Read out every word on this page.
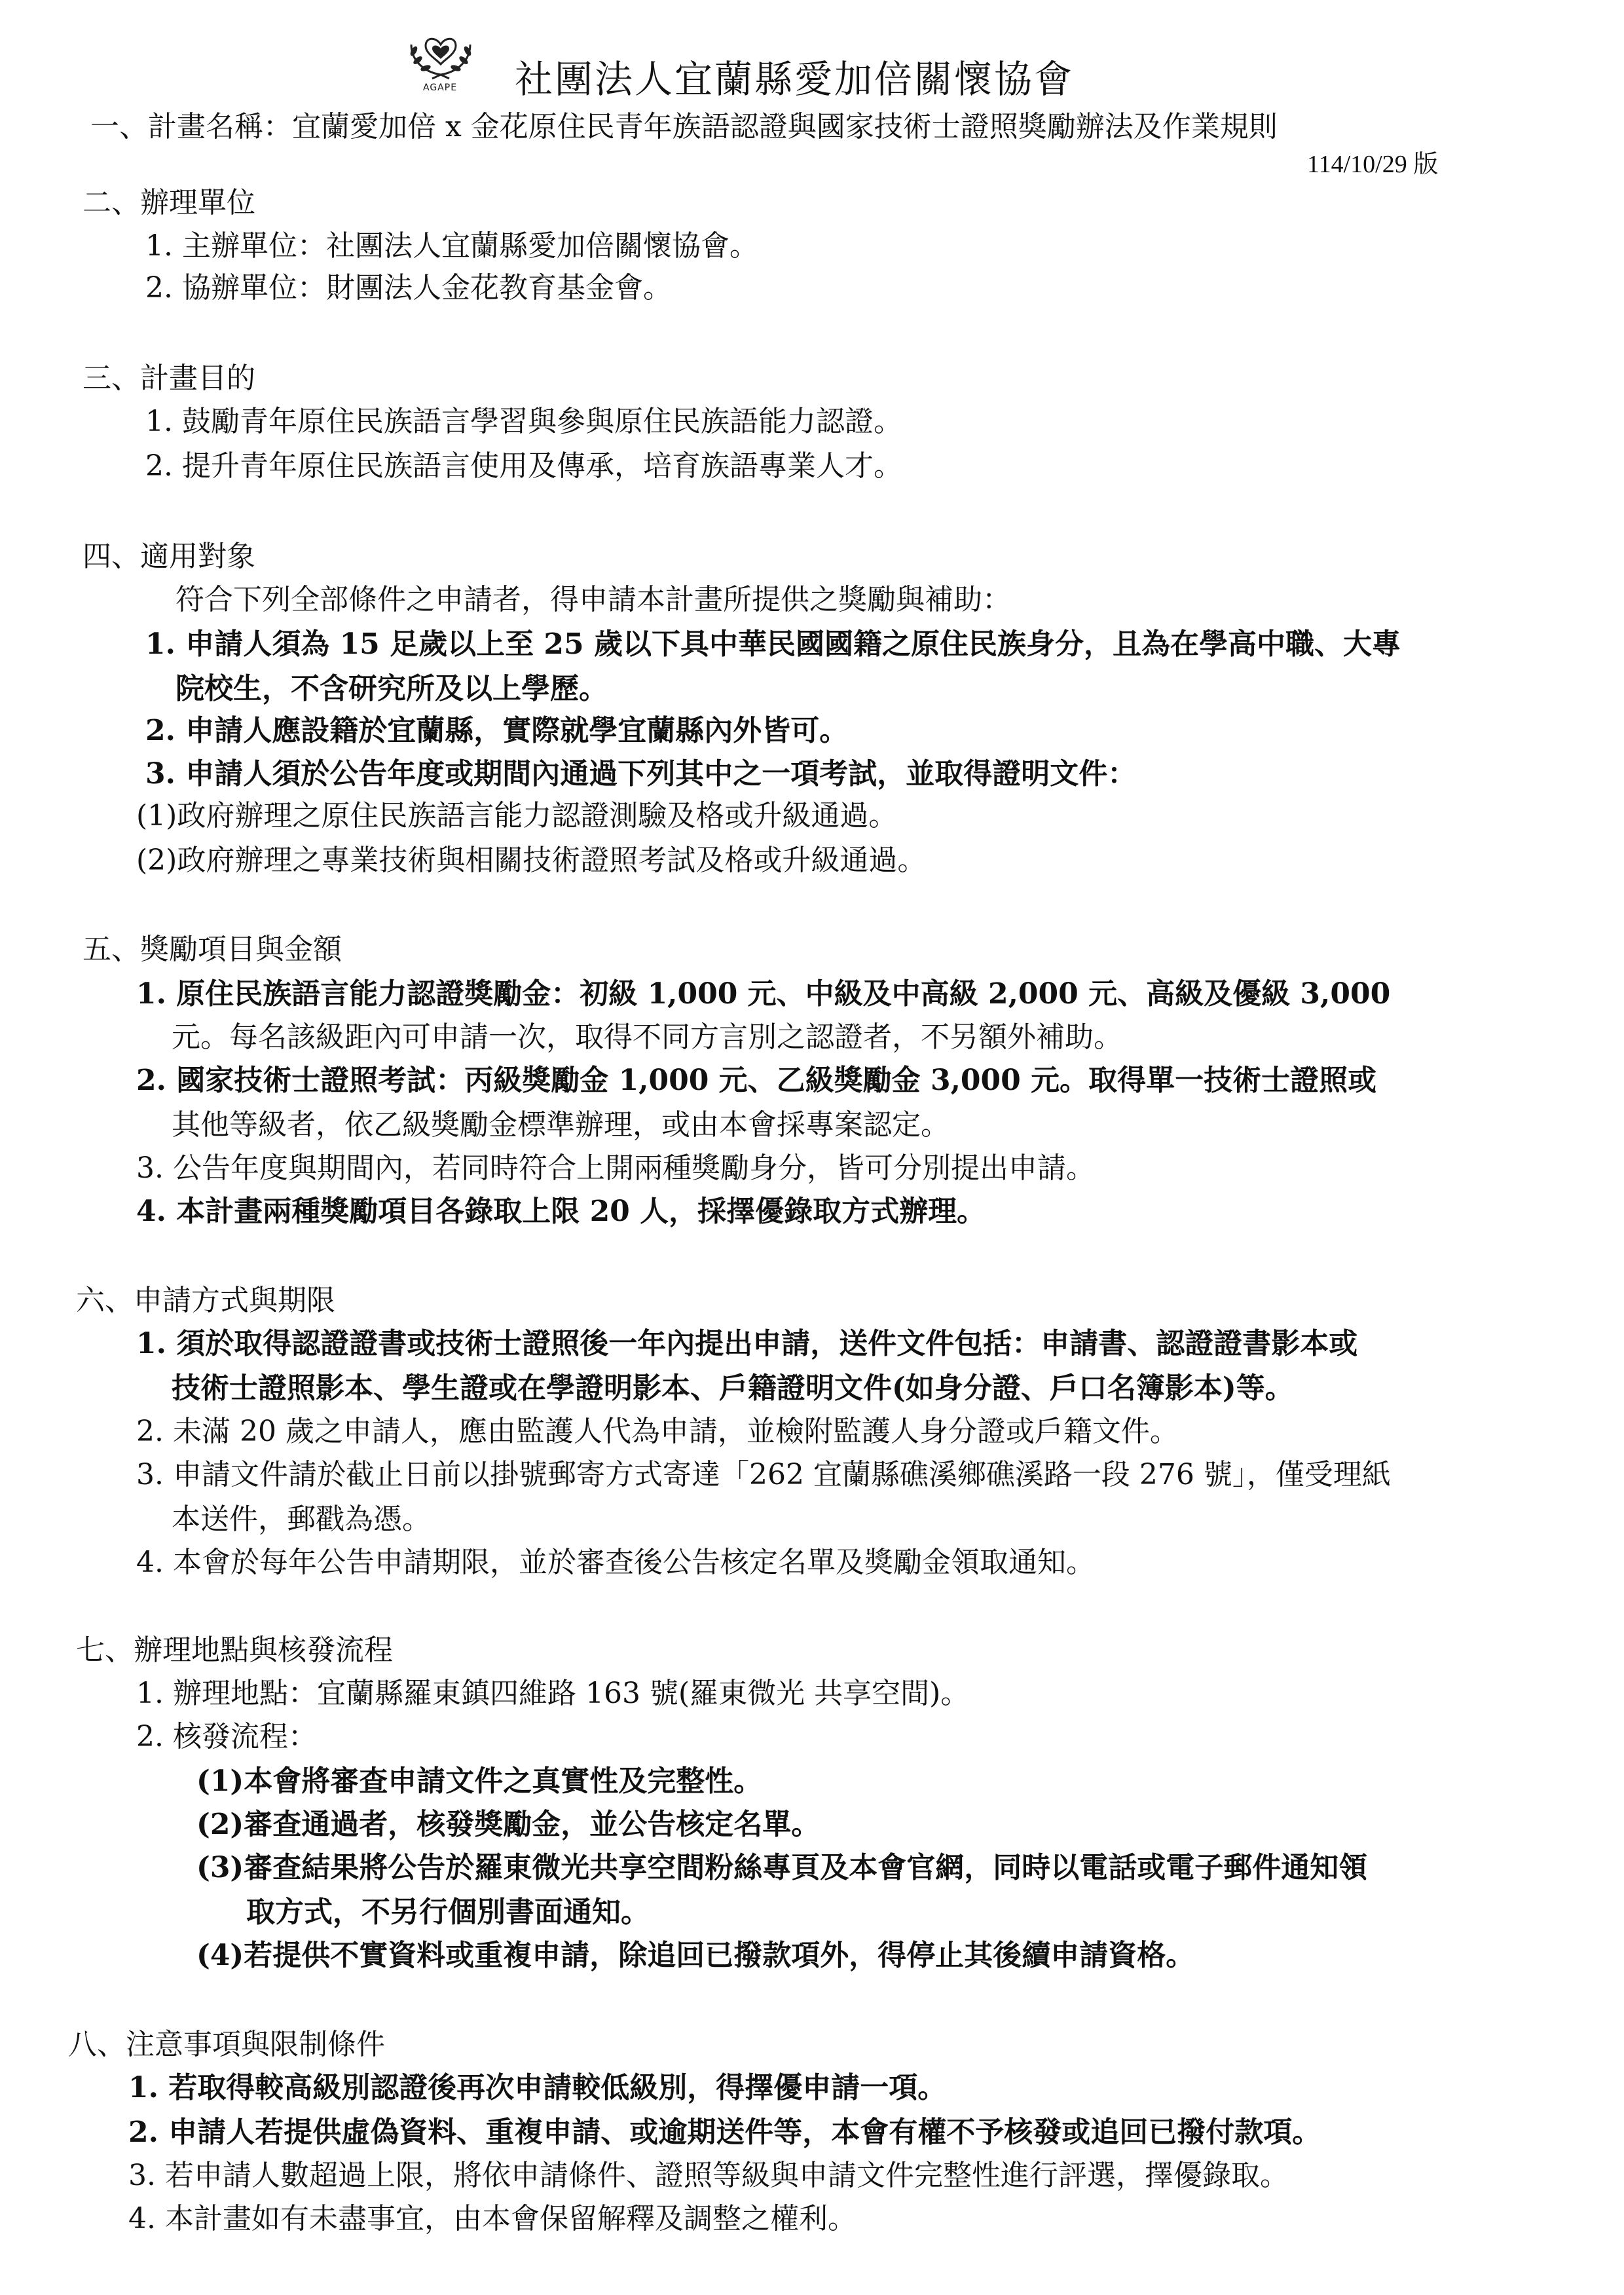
AGAPE 社團法人宜蘭縣愛加倍關懷協會
一、計畫名稱：宜蘭愛加倍 x 金花原住民青年族語認證與國家技術士證照獎勵辦法及作業規則
114/10/29 版
二、辦理單位
1. 主辦單位：社團法人宜蘭縣愛加倍關懷協會。
2. 協辦單位：財團法人金花教育基金會。
三、計畫目的
1. 鼓勵青年原住民族語言學習與參與原住民族語能力認證。
2. 提升青年原住民族語言使用及傳承，培育族語專業人才。
四、適用對象
符合下列全部條件之申請者，得申請本計畫所提供之獎勵與補助：
1. 申請人須為 15 足歲以上至 25 歲以下具中華民國國籍之原住民族身分，且為在學高中職、大專
院校生，不含研究所及以上學歷。
2. 申請人應設籍於宜蘭縣，實際就學宜蘭縣內外皆可。
3. 申請人須於公告年度或期間內通過下列其中之一項考試，並取得證明文件：
(1)政府辦理之原住民族語言能力認證測驗及格或升級通過。
(2)政府辦理之專業技術與相關技術證照考試及格或升級通過。
五、獎勵項目與金額
1. 原住民族語言能力認證獎勵金：初級 1,000 元、中級及中高級 2,000 元、高級及優級 3,000
元。每名該級距內可申請一次，取得不同方言別之認證者，不另額外補助。
2. 國家技術士證照考試：丙級獎勵金 1,000 元、乙級獎勵金 3,000 元。取得單一技術士證照或
其他等級者，依乙級獎勵金標準辦理，或由本會採專案認定。
3. 公告年度與期間內，若同時符合上開兩種獎勵身分，皆可分別提出申請。
4. 本計畫兩種獎勵項目各錄取上限 20 人，採擇優錄取方式辦理。
六、申請方式與期限
1. 須於取得認證證書或技術士證照後一年內提出申請，送件文件包括：申請書、認證證書影本或
技術士證照影本、學生證或在學證明影本、戶籍證明文件(如身分證、戶口名簿影本)等。
2. 未滿 20 歲之申請人，應由監護人代為申請，並檢附監護人身分證或戶籍文件。
3. 申請文件請於截止日前以掛號郵寄方式寄達「262 宜蘭縣礁溪鄉礁溪路一段 276 號」，僅受理紙
本送件，郵戳為憑。
4. 本會於每年公告申請期限，並於審查後公告核定名單及獎勵金領取通知。
七、辦理地點與核發流程
1. 辦理地點：宜蘭縣羅東鎮四維路 163 號(羅東微光 共享空間)。
2. 核發流程：
(1)本會將審查申請文件之真實性及完整性。
(2)審查通過者，核發獎勵金，並公告核定名單。
(3)審查結果將公告於羅東微光共享空間粉絲專頁及本會官網，同時以電話或電子郵件通知領
取方式，不另行個別書面通知。
(4)若提供不實資料或重複申請，除追回已撥款項外，得停止其後續申請資格。
八、注意事項與限制條件
1. 若取得較高級別認證後再次申請較低級別，得擇優申請一項。
2. 申請人若提供虛偽資料、重複申請、或逾期送件等，本會有權不予核發或追回已撥付款項。
3. 若申請人數超過上限，將依申請條件、證照等級與申請文件完整性進行評選，擇優錄取。
4. 本計畫如有未盡事宜，由本會保留解釋及調整之權利。
